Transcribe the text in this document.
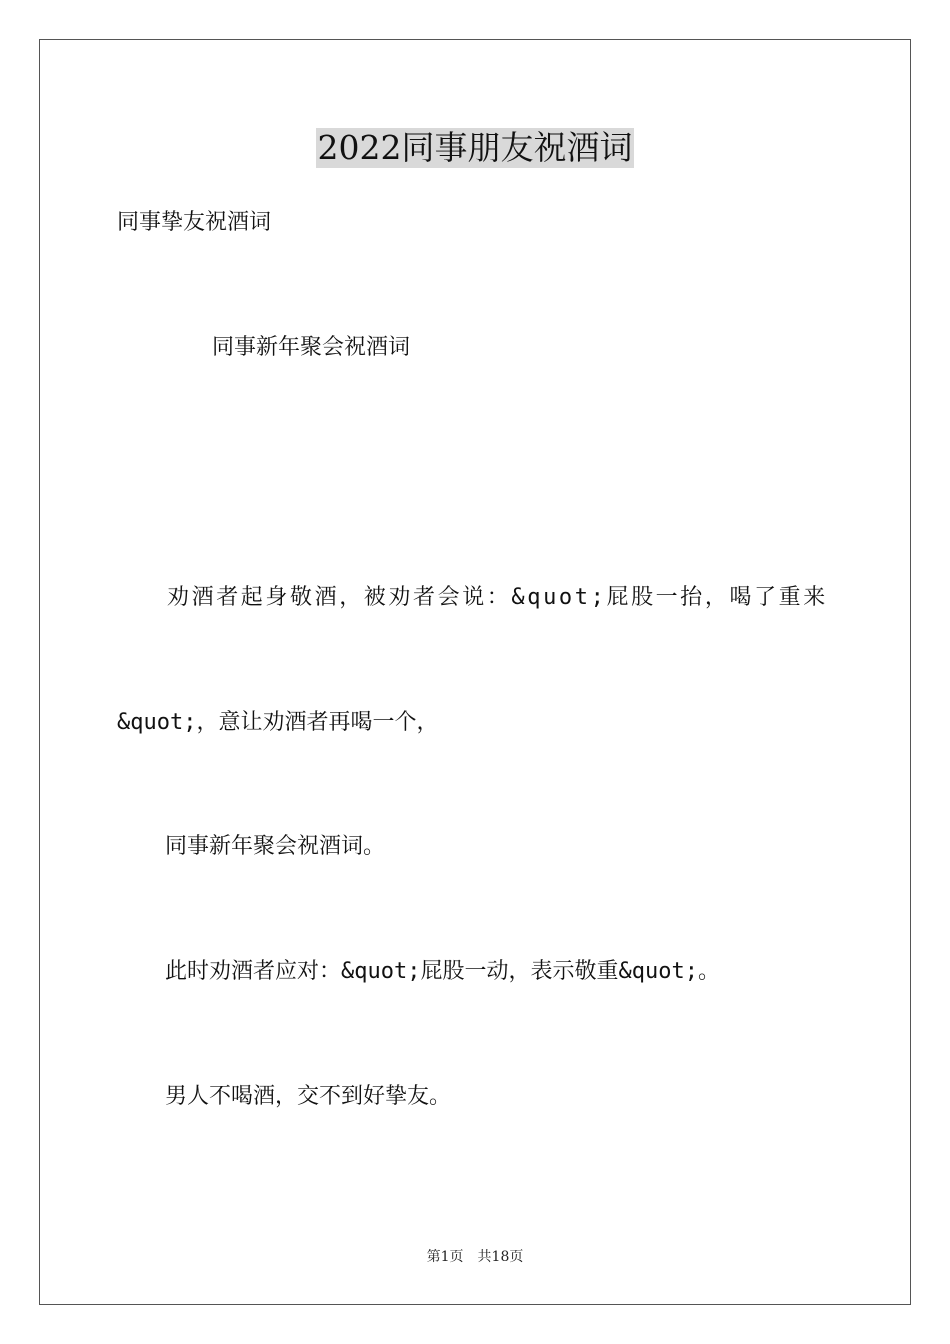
2022同事朋友祝酒词

同事挚友祝酒词

同事新年聚会祝酒词

劝酒者起身敬酒，被劝者会说：&quot;屁股一抬，喝了重来

&quot;，意让劝酒者再喝一个，

同事新年聚会祝酒词。

此时劝酒者应对：&quot;屁股一动，表示敬重&quot;。

男人不喝酒，交不到好挚友。

第1页　共18页
